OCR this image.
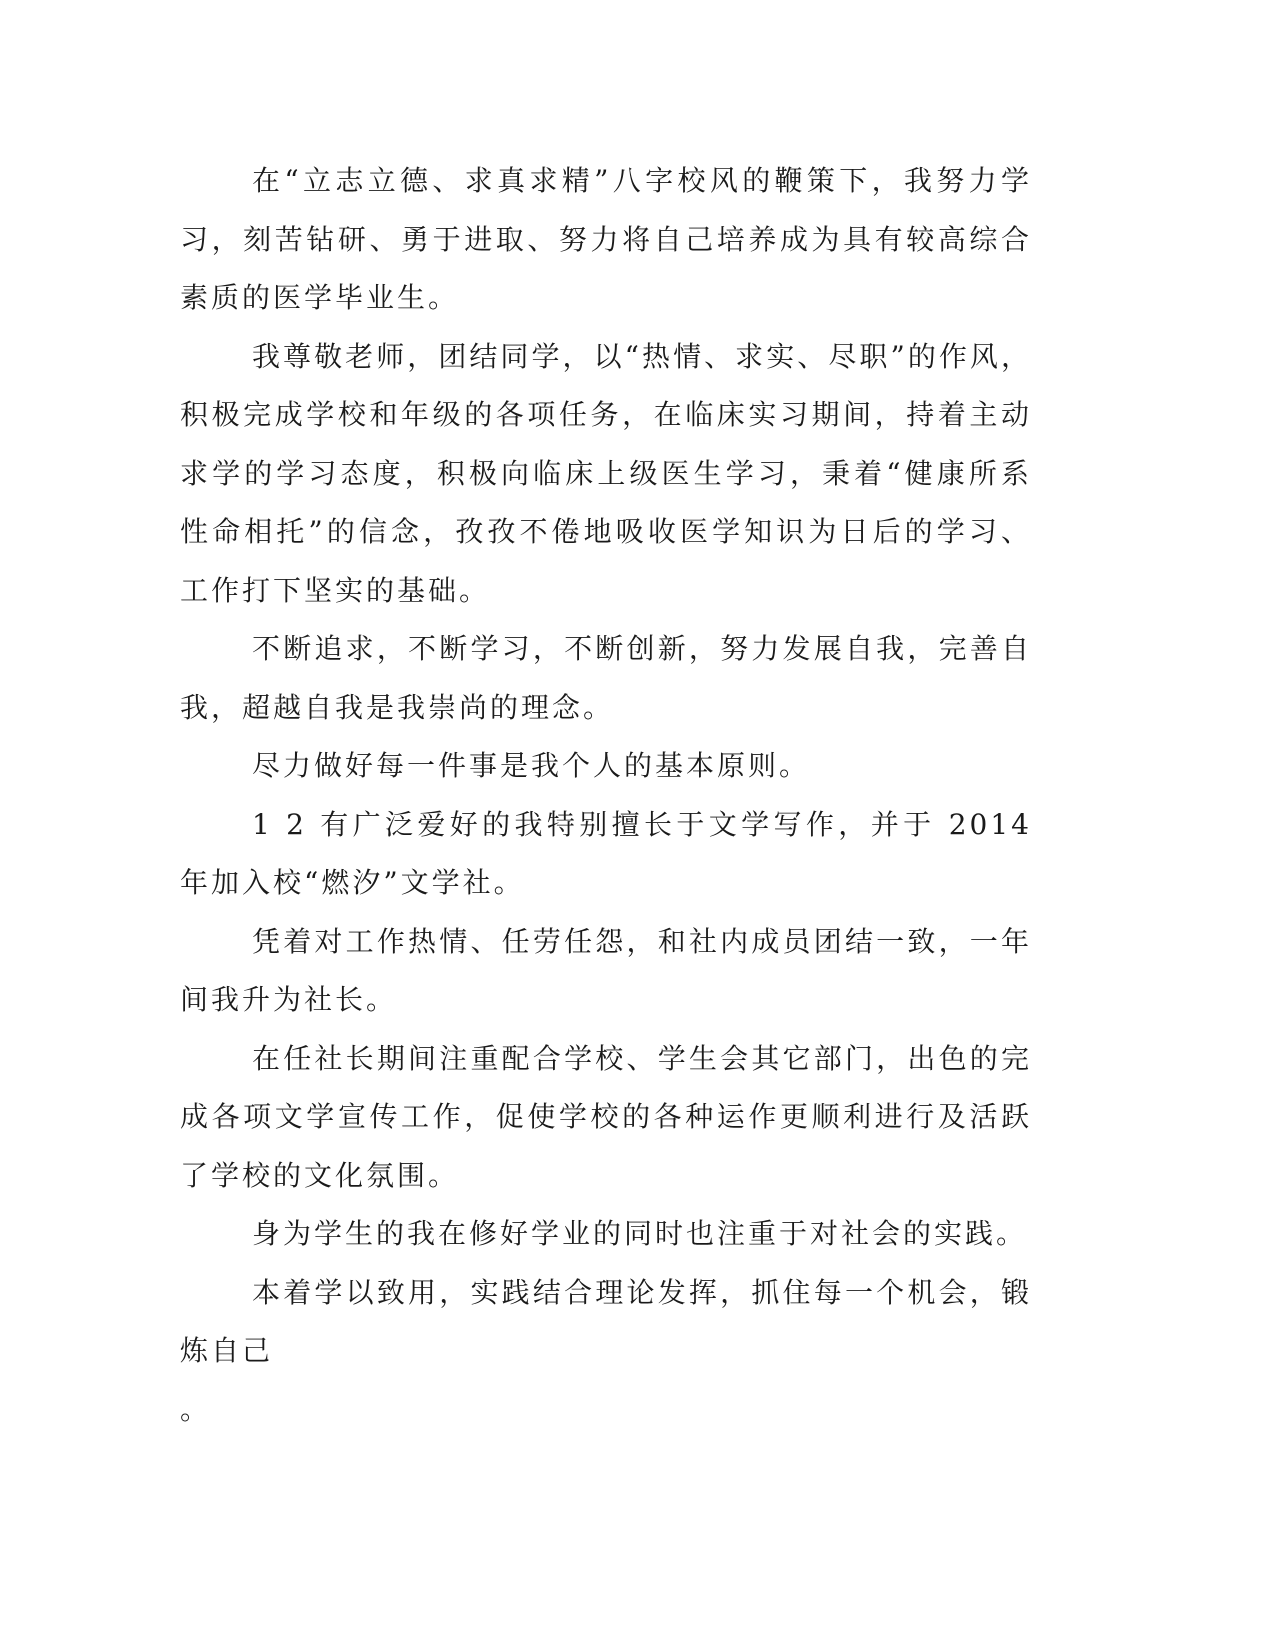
在“立志立德、求真求精”八字校风的鞭策下，我努力学习，刻苦钻研、勇于进取、努力将自己培养成为具有较高综合素质的医学毕业生。

我尊敬老师，团结同学，以“热情、求实、尽职”的作风，积极完成学校和年级的各项任务，在临床实习期间，持着主动求学的学习态度，积极向临床上级医生学习，秉着“健康所系性命相托”的信念，孜孜不倦地吸收医学知识为日后的学习、工作打下坚实的基础。

不断追求，不断学习，不断创新，努力发展自我，完善自我，超越自我是我崇尚的理念。

尽力做好每一件事是我个人的基本原则。

1 2 有广泛爱好的我特别擅长于文学写作，并于 2014 年加入校“燃汐”文学社。

凭着对工作热情、任劳任怨，和社内成员团结一致，一年间我升为社长。

在任社长期间注重配合学校、学生会其它部门，出色的完成各项文学宣传工作，促使学校的各种运作更顺利进行及活跃了学校的文化氛围。

身为学生的我在修好学业的同时也注重于对社会的实践。

本着学以致用，实践结合理论发挥，抓住每一个机会，锻炼自己

。
